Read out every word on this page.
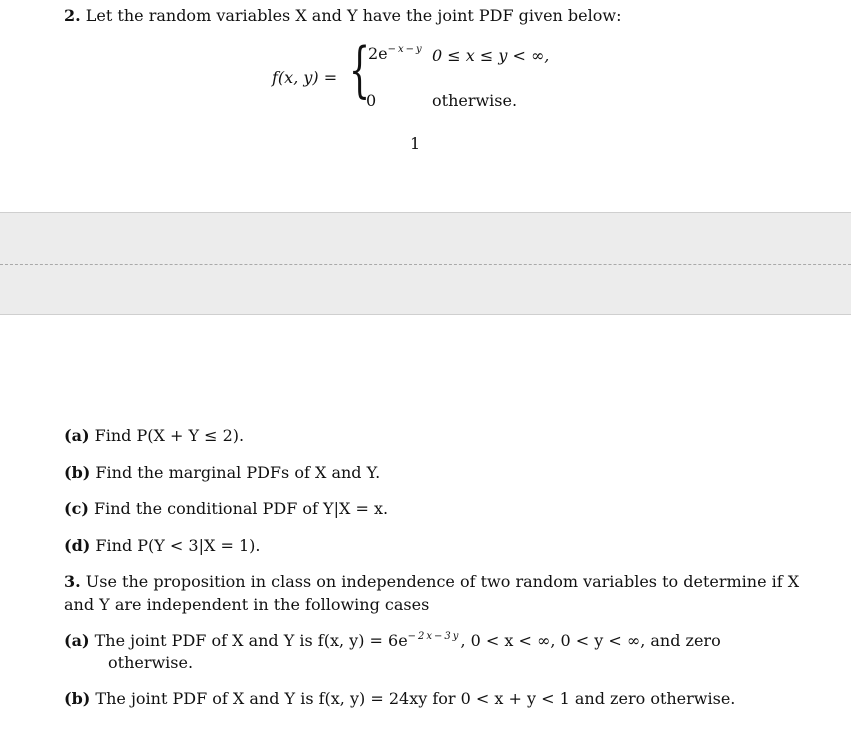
2. Let the random variables X and Y have the joint PDF given below:
f(x, y) = {
$2e^{-x-y}$ 0 ≤ x ≤ y < ∞,
0	otherwise.
1
(a) Find P(X + Y ≤ 2).
(b) Find the marginal PDFs of X and Y.
(c) Find the conditional PDF of Y|X = x.
(d) Find P(Y < 3|X = 1).
3. Use the proposition in class on independence of two random variables to determine if X
and Y are independent in the following cases
(a) The joint PDF of X and Y is f(x, $y) = 6e^{-2x-3y}$, 0 < x < ∞, 0 < y < ∞, and zero
otherwise.
(b) The joint PDF of X and Y is f(x, y) = 24xy for 0 < x + y < 1 and zero otherwise.
